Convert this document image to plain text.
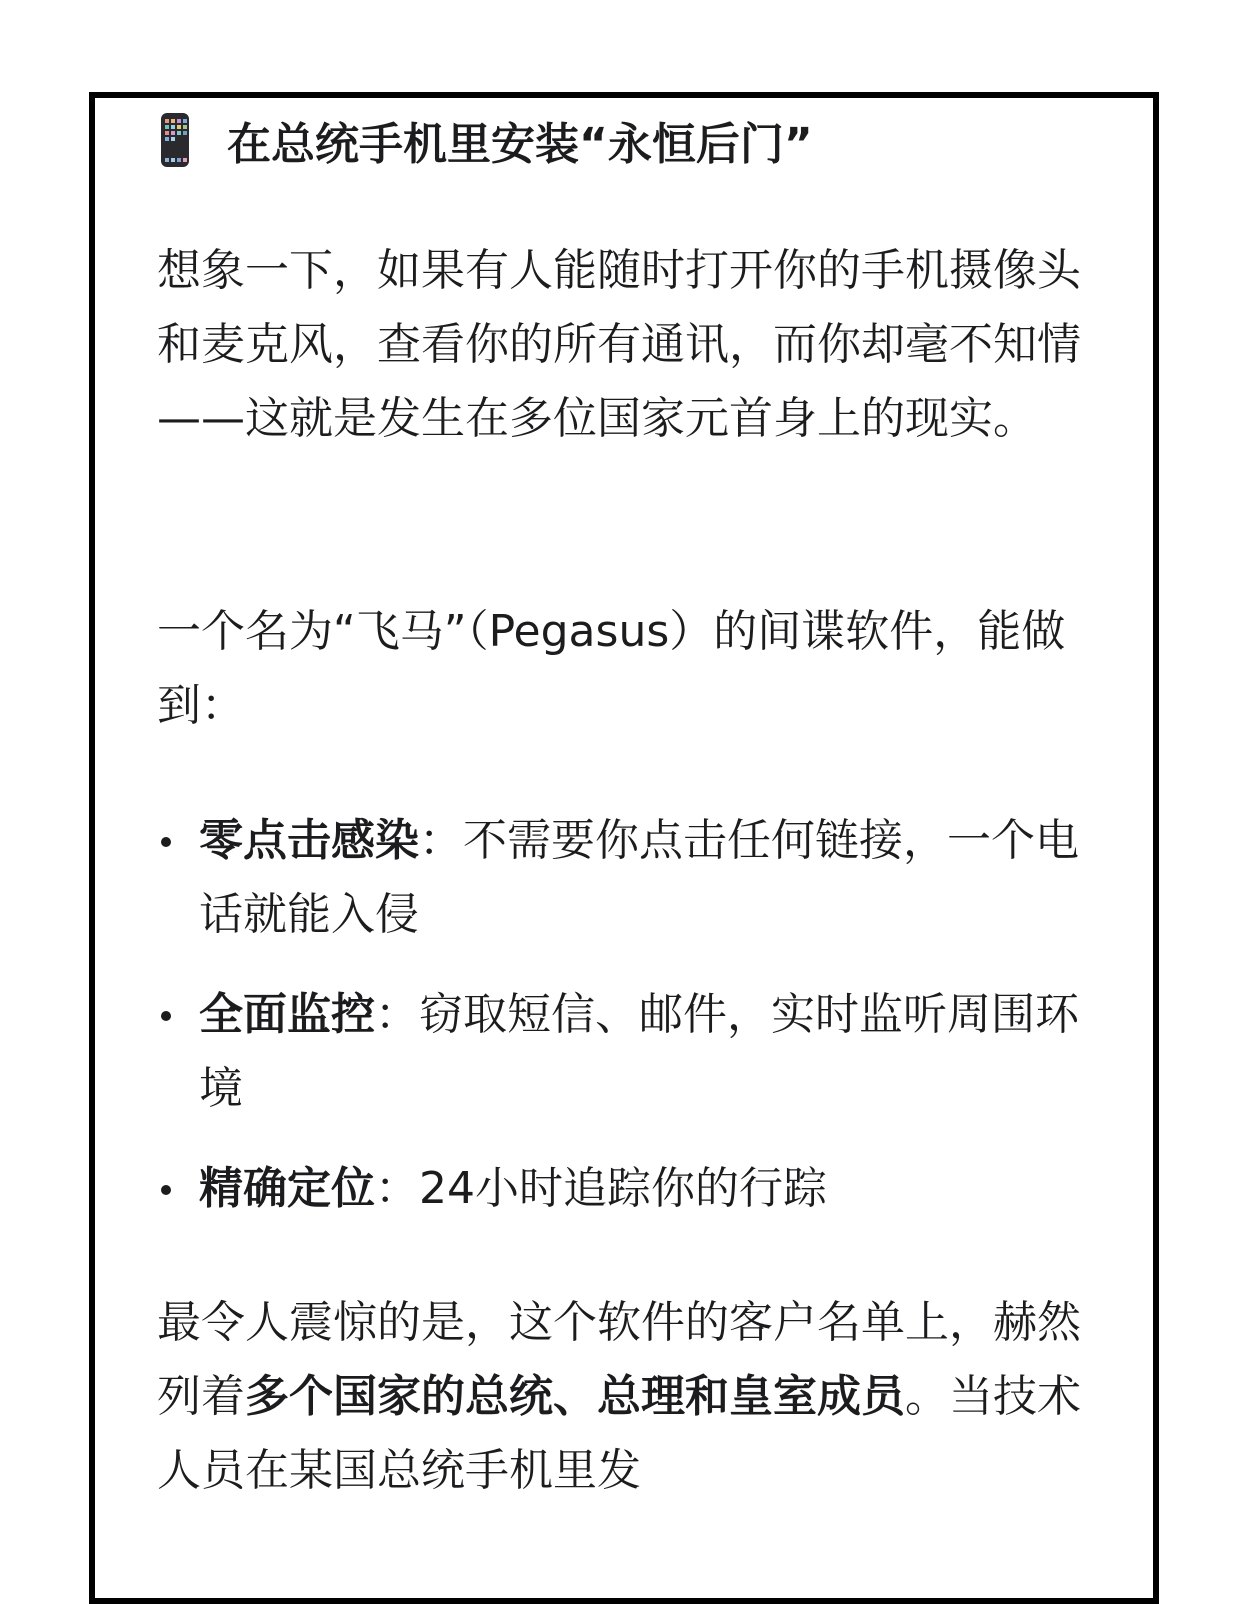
在总统手机里安装“永恒后门”

想象一下，如果有人能随时打开你的手机摄像头和麦克风，查看你的所有通讯，而你却毫不知情——这就是发生在多位国家元首身上的现实。

一个名为“飞马”（Pegasus）的间谍软件，能做到：

零点击感染：不需要你点击任何链接，一个电话就能入侵
全面监控：窃取短信、邮件，实时监听周围环境
精确定位：24小时追踪你的行踪

最令人震惊的是，这个软件的客户名单上，赫然列着多个国家的总统、总理和皇室成员。当技术人员在某国总统手机里发
